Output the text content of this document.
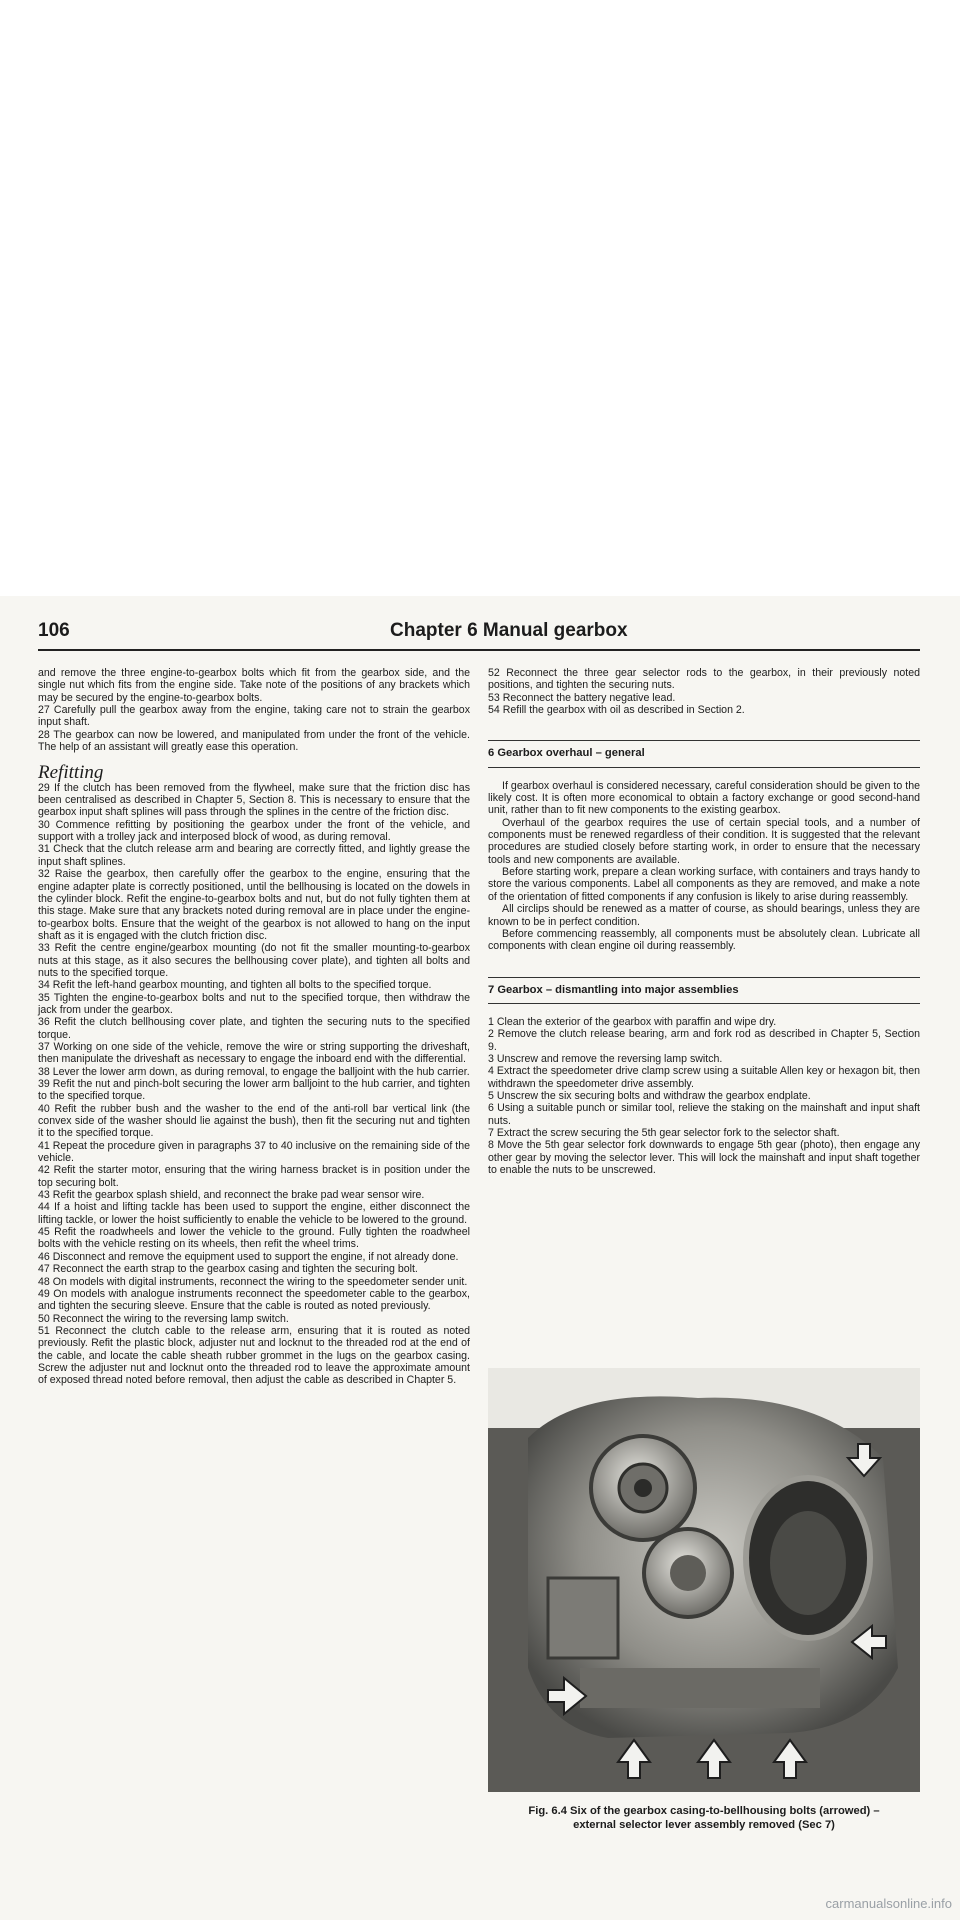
106	Chapter 6 Manual gearbox

and remove the three engine-to-gearbox bolts which fit from the gearbox side, and the single nut which fits from the engine side. Take note of the positions of any brackets which may be secured by the engine-to-gearbox bolts.

27 Carefully pull the gearbox away from the engine, taking care not to strain the gearbox input shaft.

28 The gearbox can now be lowered, and manipulated from under the front of the vehicle. The help of an assistant will greatly ease this operation.

Refitting

29 If the clutch has been removed from the flywheel, make sure that the friction disc has been centralised as described in Chapter 5, Section 8. This is necessary to ensure that the gearbox input shaft splines will pass through the splines in the centre of the friction disc.

30 Commence refitting by positioning the gearbox under the front of the vehicle, and support with a trolley jack and interposed block of wood, as during removal.

31 Check that the clutch release arm and bearing are correctly fitted, and lightly grease the input shaft splines.

32 Raise the gearbox, then carefully offer the gearbox to the engine, ensuring that the engine adapter plate is correctly positioned, until the bellhousing is located on the dowels in the cylinder block. Refit the engine-to-gearbox bolts and nut, but do not fully tighten them at this stage. Make sure that any brackets noted during removal are in place under the engine-to-gearbox bolts. Ensure that the weight of the gearbox is not allowed to hang on the input shaft as it is engaged with the clutch friction disc.

33 Refit the centre engine/gearbox mounting (do not fit the smaller mounting-to-gearbox nuts at this stage, as it also secures the bellhousing cover plate), and tighten all bolts and nuts to the specified torque.

34 Refit the left-hand gearbox mounting, and tighten all bolts to the specified torque.

35 Tighten the engine-to-gearbox bolts and nut to the specified torque, then withdraw the jack from under the gearbox.

36 Refit the clutch bellhousing cover plate, and tighten the securing nuts to the specified torque.

37 Working on one side of the vehicle, remove the wire or string supporting the driveshaft, then manipulate the driveshaft as necessary to engage the inboard end with the differential.

38 Lever the lower arm down, as during removal, to engage the balljoint with the hub carrier.

39 Refit the nut and pinch-bolt securing the lower arm balljoint to the hub carrier, and tighten to the specified torque.

40 Refit the rubber bush and the washer to the end of the anti-roll bar vertical link (the convex side of the washer should lie against the bush), then fit the securing nut and tighten it to the specified torque.

41 Repeat the procedure given in paragraphs 37 to 40 inclusive on the remaining side of the vehicle.

42 Refit the starter motor, ensuring that the wiring harness bracket is in position under the top securing bolt.

43 Refit the gearbox splash shield, and reconnect the brake pad wear sensor wire.

44 If a hoist and lifting tackle has been used to support the engine, either disconnect the lifting tackle, or lower the hoist sufficiently to enable the vehicle to be lowered to the ground.

45 Refit the roadwheels and lower the vehicle to the ground. Fully tighten the roadwheel bolts with the vehicle resting on its wheels, then refit the wheel trims.

46 Disconnect and remove the equipment used to support the engine, if not already done.

47 Reconnect the earth strap to the gearbox casing and tighten the securing bolt.

48 On models with digital instruments, reconnect the wiring to the speedometer sender unit.

49 On models with analogue instruments reconnect the speedometer cable to the gearbox, and tighten the securing sleeve. Ensure that the cable is routed as noted previously.

50 Reconnect the wiring to the reversing lamp switch.

51 Reconnect the clutch cable to the release arm, ensuring that it is routed as noted previously. Refit the plastic block, adjuster nut and locknut to the threaded rod at the end of the cable, and locate the cable sheath rubber grommet in the lugs on the gearbox casing. Screw the adjuster nut and locknut onto the threaded rod to leave the approximate amount of exposed thread noted before removal, then adjust the cable as described in Chapter 5.

52 Reconnect the three gear selector rods to the gearbox, in their previously noted positions, and tighten the securing nuts.

53 Reconnect the battery negative lead.

54 Refill the gearbox with oil as described in Section 2.

6 Gearbox overhaul – general

If gearbox overhaul is considered necessary, careful consideration should be given to the likely cost. It is often more economical to obtain a factory exchange or good second-hand unit, rather than to fit new components to the existing gearbox.

Overhaul of the gearbox requires the use of certain special tools, and a number of components must be renewed regardless of their condition. It is suggested that the relevant procedures are studied closely before starting work, in order to ensure that the necessary tools and new components are available.

Before starting work, prepare a clean working surface, with containers and trays handy to store the various components. Label all components as they are removed, and make a note of the orientation of fitted components if any confusion is likely to arise during reassembly.

All circlips should be renewed as a matter of course, as should bearings, unless they are known to be in perfect condition.

Before commencing reassembly, all components must be absolutely clean. Lubricate all components with clean engine oil during reassembly.

7 Gearbox – dismantling into major assemblies

1 Clean the exterior of the gearbox with paraffin and wipe dry.

2 Remove the clutch release bearing, arm and fork rod as described in Chapter 5, Section 9.

3 Unscrew and remove the reversing lamp switch.

4 Extract the speedometer drive clamp screw using a suitable Allen key or hexagon bit, then withdrawn the speedometer drive assembly.

5 Unscrew the six securing bolts and withdraw the gearbox endplate.

6 Using a suitable punch or similar tool, relieve the staking on the mainshaft and input shaft nuts.

7 Extract the screw securing the 5th gear selector fork to the selector shaft.

8 Move the 5th gear selector fork downwards to engage 5th gear (photo), then engage any other gear by moving the selector lever. This will lock the mainshaft and input shaft together to enable the nuts to be unscrewed.

Fig. 6.4 Six of the gearbox casing-to-bellhousing bolts (arrowed) –
external selector lever assembly removed (Sec 7)
carmanualsonline.info
